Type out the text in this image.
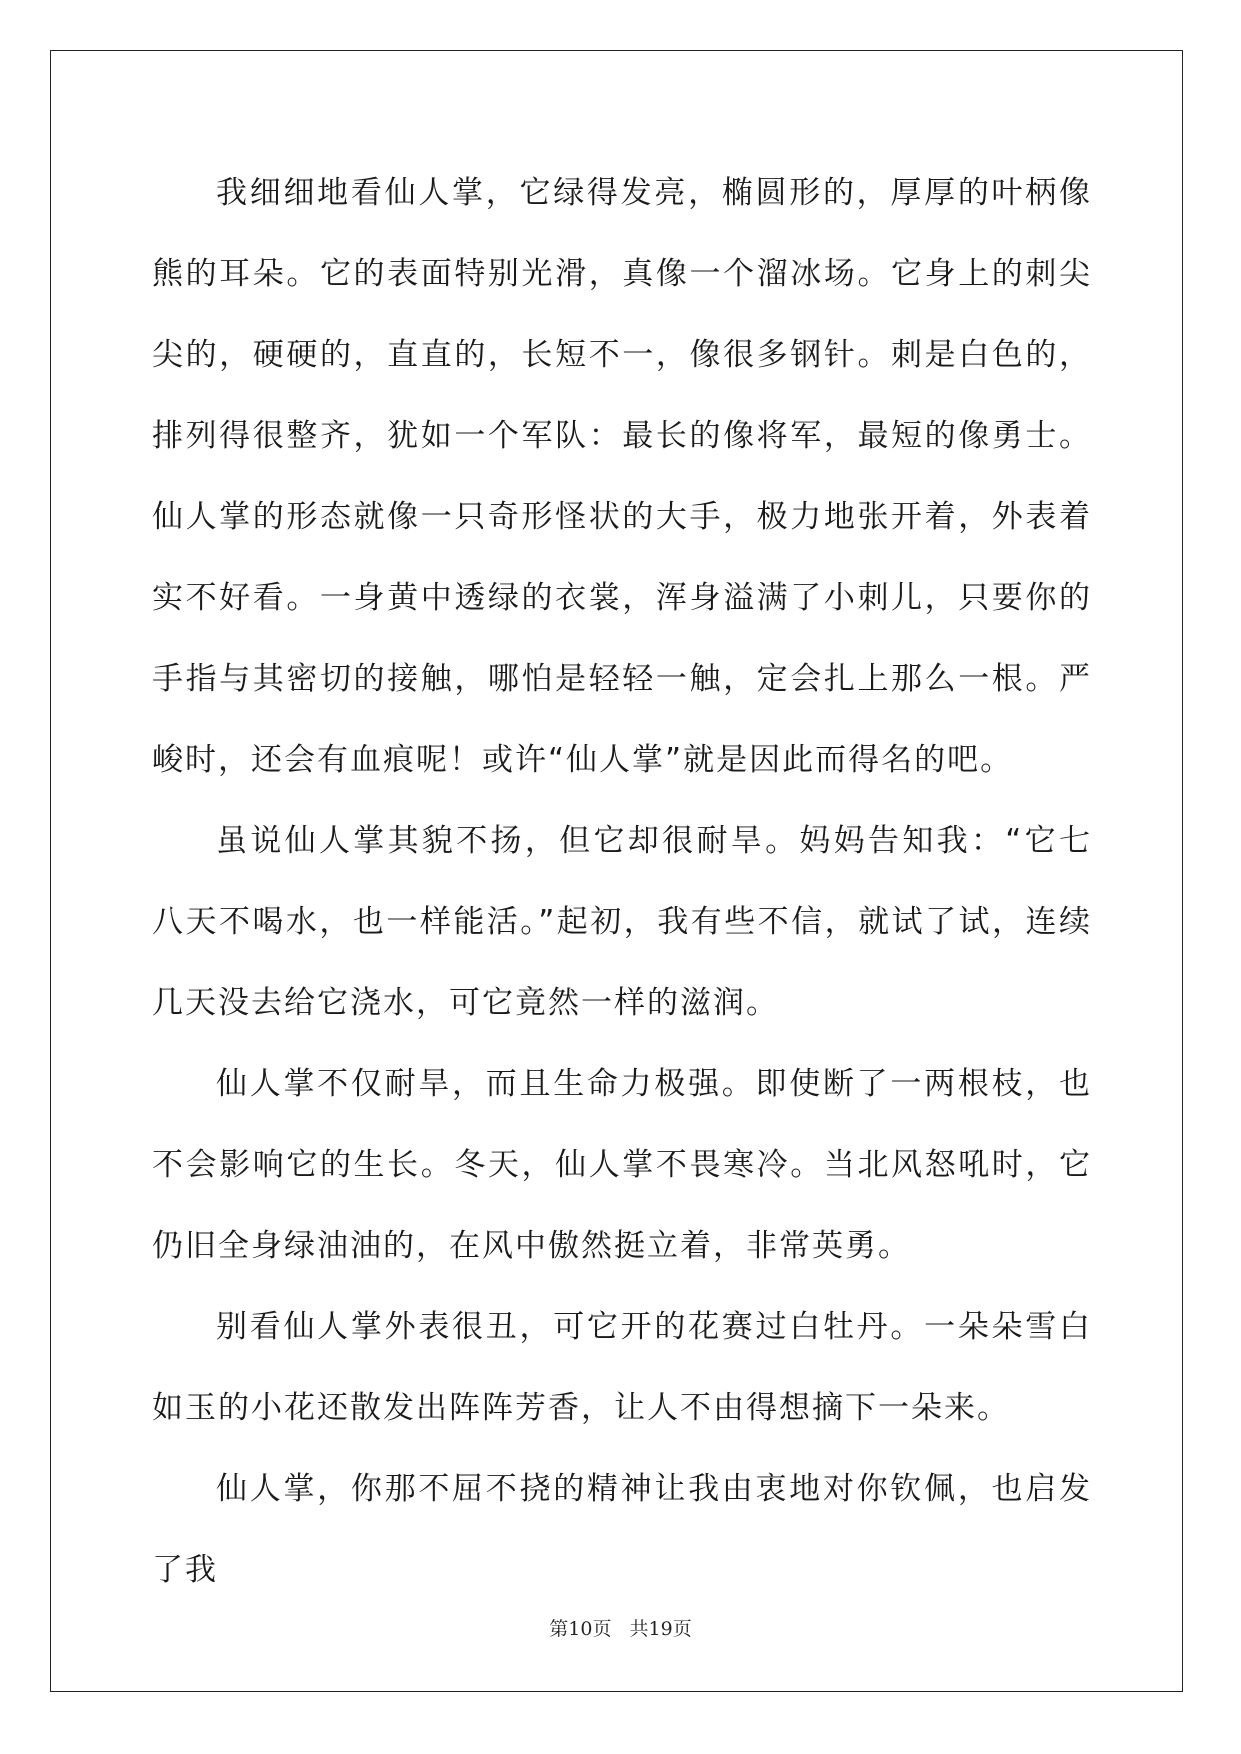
我细细地看仙人掌，它绿得发亮，椭圆形的，厚厚的叶柄像熊的耳朵。它的表面特别光滑，真像一个溜冰场。它身上的刺尖尖的，硬硬的，直直的，长短不一，像很多钢针。刺是白色的，排列得很整齐，犹如一个军队：最长的像将军，最短的像勇士。仙人掌的形态就像一只奇形怪状的大手，极力地张开着，外表着实不好看。一身黄中透绿的衣裳，浑身溢满了小刺儿，只要你的手指与其密切的接触，哪怕是轻轻一触，定会扎上那么一根。严峻时，还会有血痕呢！或许“仙人掌”就是因此而得名的吧。

虽说仙人掌其貌不扬，但它却很耐旱。妈妈告知我：“它七八天不喝水，也一样能活。”起初，我有些不信，就试了试，连续几天没去给它浇水，可它竟然一样的滋润。

仙人掌不仅耐旱，而且生命力极强。即使断了一两根枝，也不会影响它的生长。冬天，仙人掌不畏寒冷。当北风怒吼时，它仍旧全身绿油油的，在风中傲然挺立着，非常英勇。

别看仙人掌外表很丑，可它开的花赛过白牡丹。一朵朵雪白如玉的小花还散发出阵阵芳香，让人不由得想摘下一朵来。

仙人掌，你那不屈不挠的精神让我由衷地对你钦佩，也启发了我

第10页 共19页
